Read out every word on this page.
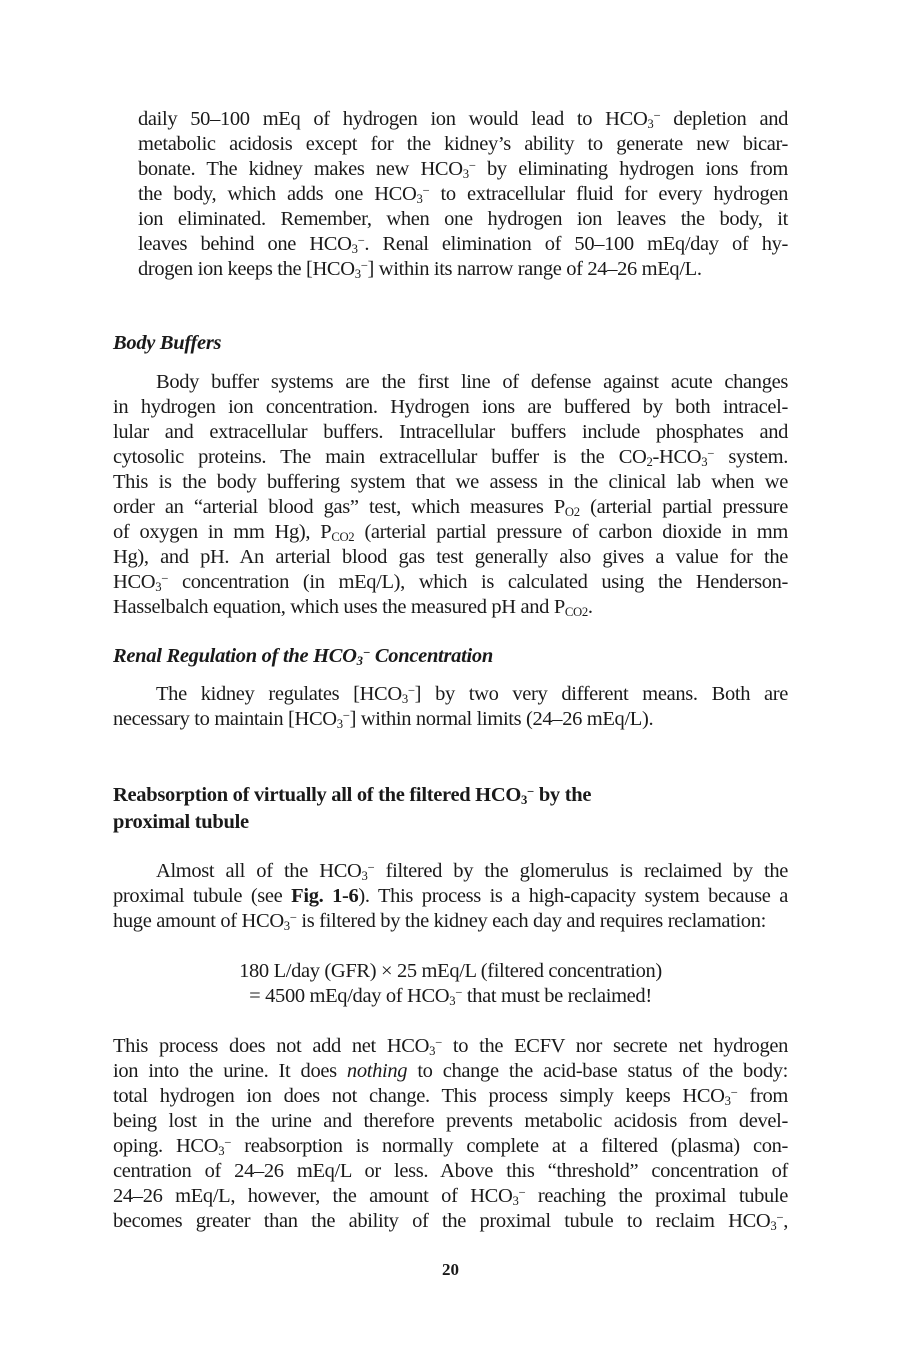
daily 50–100 mEq of hydrogen ion would lead to $HCO_3^-$ depletion and
metabolic acidosis except for the kidney’s ability to generate new bicar-
bonate. The kidney makes new $HCO_3^-$ by eliminating hydrogen ions from
the body, which adds one $HCO_3^-$ to extracellular fluid for every hydrogen
ion eliminated. Remember, when one hydrogen ion leaves the body, it
leaves behind one $HCO_3^-$. Renal elimination of 50–100 mEq/day of hy-
drogen ion keeps the $[HCO_3^-]$ within its narrow range of 24–26 mEq/L.
Body Buffers
Body buffer systems are the first line of defense against acute changes
in hydrogen ion concentration. Hydrogen ions are buffered by both intracel-
lular and extracellular buffers. Intracellular buffers include phosphates and
cytosolic proteins. The main extracellular buffer is the $CO_2-HCO_3^-$ system.
This is the body buffering system that we assess in the clinical lab when we
order an “arterial blood gas” test, which measures $P_{O2}$ (arterial partial pressure
of oxygen in mm Hg), $P_{CO2}$ (arterial partial pressure of carbon dioxide in mm
Hg), and pH. An arterial blood gas test generally also gives a value for the
$HCO_3^-$ concentration (in mEq/L), which is calculated using the Henderson-
Hasselbalch equation, which uses the measured pH and $P_{CO2}$.
Renal Regulation of the $HCO_3^-$ Concentration
The kidney regulates $[HCO_3^-]$ by two very different means. Both are
necessary to maintain $[HCO_3^-]$ within normal limits (24–26 mEq/L).
Reabsorption of virtually all of the filtered $HCO_3^-$ by the
proximal tubule
Almost all of the $HCO_3^-$ filtered by the glomerulus is reclaimed by the
proximal tubule (see Fig. 1-6). This process is a high-capacity system because a
huge amount of $HCO_3^-$ is filtered by the kidney each day and requires reclamation:
180 L/day (GFR) × 25 mEq/L (filtered concentration)
= 4500 mEq/day of $HCO_3^-$ that must be reclaimed!
This process does not add net $HCO_3^-$ to the ECFV nor secrete net hydrogen
ion into the urine. It does nothing to change the acid-base status of the body:
total hydrogen ion does not change. This process simply keeps $HCO_3^-$ from
being lost in the urine and therefore prevents metabolic acidosis from devel-
oping. $HCO_3^-$ reabsorption is normally complete at a filtered (plasma) con-
centration of 24–26 mEq/L or less. Above this “threshold” concentration of
24–26 mEq/L, however, the amount of $HCO_3^-$ reaching the proximal tubule
becomes greater than the ability of the proximal tubule to reclaim $HCO_3^-$,
20
